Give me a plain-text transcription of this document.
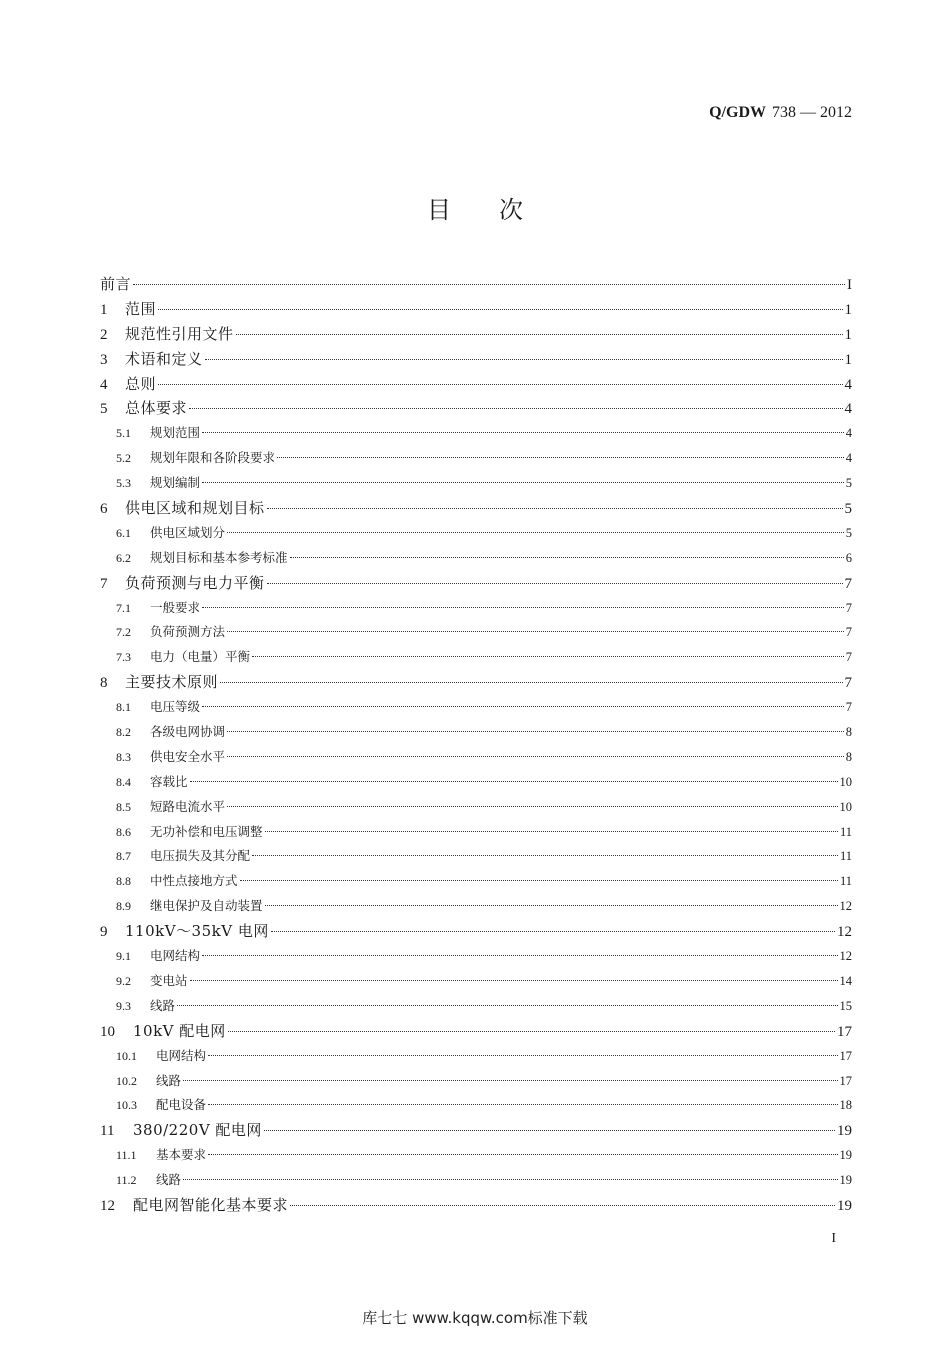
Q/GDW 738 — 2012
目次
前言	I
1	范围	1
2	规范性引用文件	1
3	术语和定义	1
4	总则	4
5	总体要求	4
5.1	规划范围	4
5.2	规划年限和各阶段要求	4
5.3	规划编制	5
6	供电区域和规划目标	5
6.1	供电区域划分	5
6.2	规划目标和基本参考标准	6
7	负荷预测与电力平衡	7
7.1	一般要求	7
7.2	负荷预测方法	7
7.3	电力（电量）平衡	7
8	主要技术原则	7
8.1	电压等级	7
8.2	各级电网协调	8
8.3	供电安全水平	8
8.4	容载比	10
8.5	短路电流水平	10
8.6	无功补偿和电压调整	11
8.7	电压损失及其分配	11
8.8	中性点接地方式	11
8.9	继电保护及自动装置	12
9	110kV～35kV 电网	12
9.1	电网结构	12
9.2	变电站	14
9.3	线路	15
10	10kV 配电网	17
10.1	电网结构	17
10.2	线路	17
10.3	配电设备	18
11	380/220V 配电网	19
11.1	基本要求	19
11.2	线路	19
12	配电网智能化基本要求	19
I
库七七 www.kqqw.com标准下载
